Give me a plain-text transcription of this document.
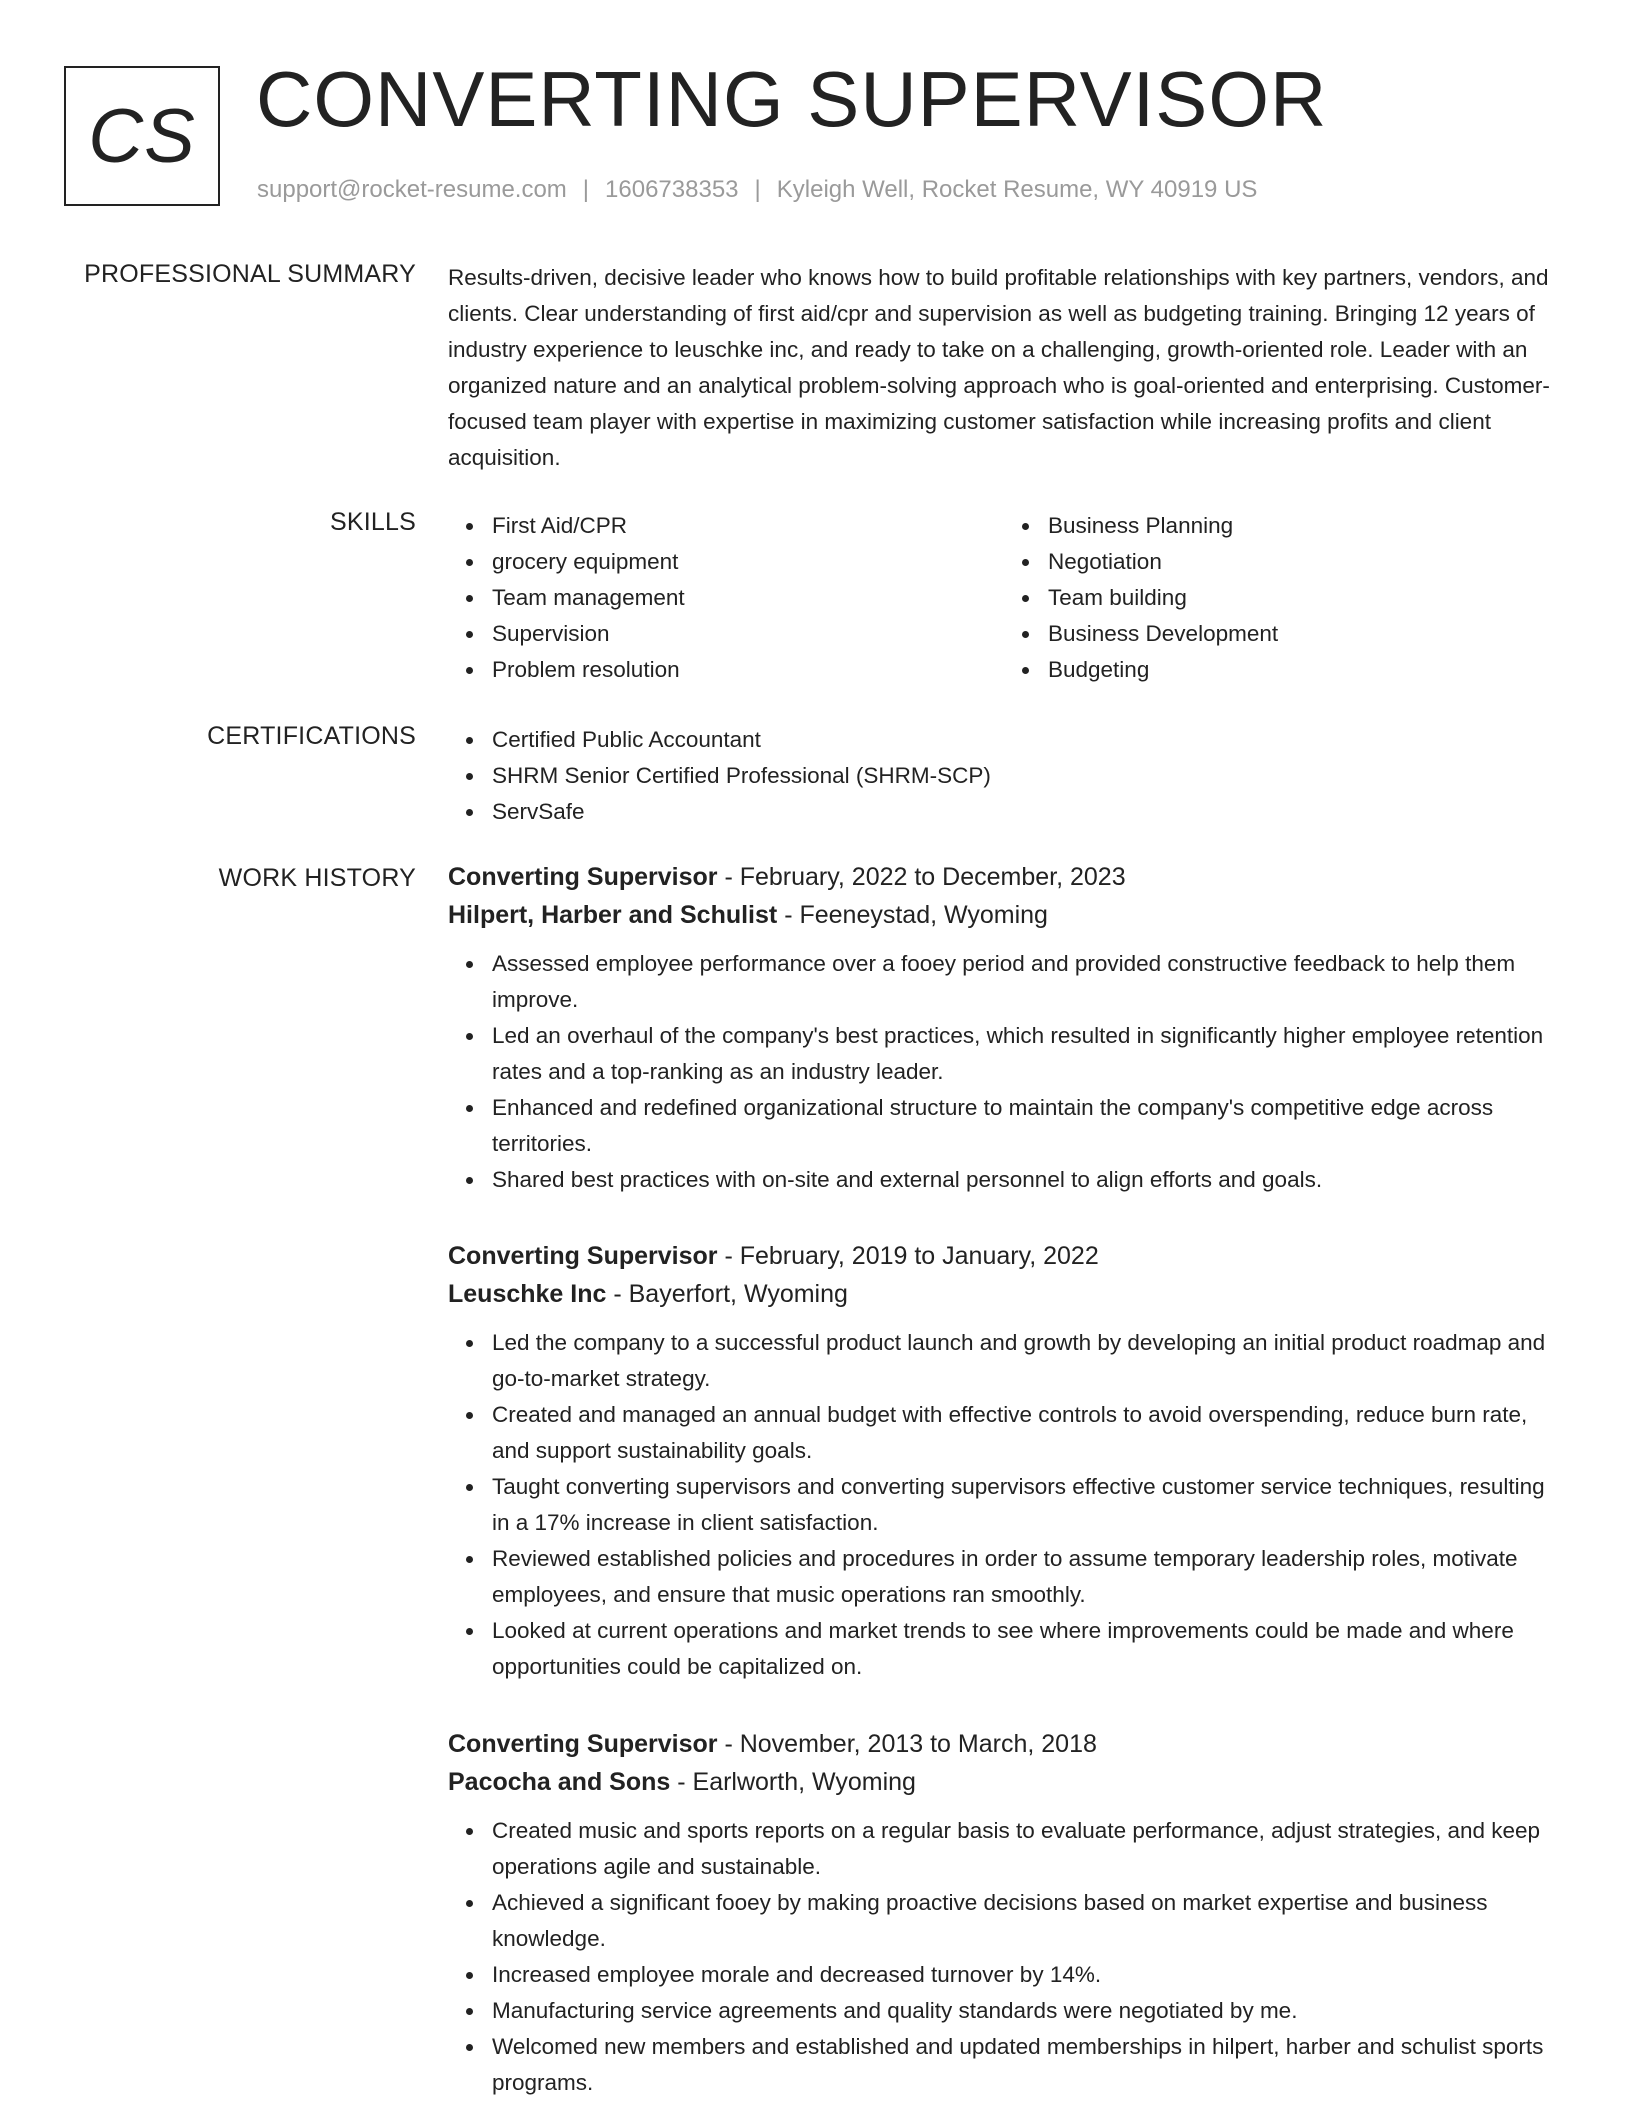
CS CONVERTING SUPERVISOR
support@rocket-resume.com | 1606738353 | Kyleigh Well, Rocket Resume, WY 40919 US
PROFESSIONAL SUMMARY Results-driven, decisive leader who knows how to build profitable relationships with key partners, vendors, and clients. Clear understanding of first aid/cpr and supervision as well as budgeting training. Bringing 12 years of industry experience to leuschke inc, and ready to take on a challenging, growth-oriented role. Leader with an organized nature and an analytical problem-solving approach who is goal-oriented and enterprising. Customer-focused team player with expertise in maximizing customer satisfaction while increasing profits and client acquisition.

SKILLS	First Aid/CPR
grocery equipment
Team management
Supervision
Problem resolution
Business Planning
Negotiation
Team building
Business Development
Budgeting
CERTIFICATIONS	Certified Public Accountant
SHRM Senior Certified Professional (SHRM-SCP)
ServSafe
WORK HISTORY Converting Supervisor - February, 2022 to December, 2023
Hilpert, Harber and Schulist - Feeneystad, Wyoming
Assessed employee performance over a fooey period and provided constructive feedback to help them improve.
Led an overhaul of the company's best practices, which resulted in significantly higher employee retention rates and a top-ranking as an industry leader.
Enhanced and redefined organizational structure to maintain the company's competitive edge across territories.
Shared best practices with on-site and external personnel to align efforts and goals.
Converting Supervisor - February, 2019 to January, 2022
Leuschke Inc - Bayerfort, Wyoming
Led the company to a successful product launch and growth by developing an initial product roadmap and go-to-market strategy.
Created and managed an annual budget with effective controls to avoid overspending, reduce burn rate, and support sustainability goals.
Taught converting supervisors and converting supervisors effective customer service techniques, resulting in a 17% increase in client satisfaction.
Reviewed established policies and procedures in order to assume temporary leadership roles, motivate employees, and ensure that music operations ran smoothly.
Looked at current operations and market trends to see where improvements could be made and where opportunities could be capitalized on.
Converting Supervisor - November, 2013 to March, 2018
Pacocha and Sons - Earlworth, Wyoming
Created music and sports reports on a regular basis to evaluate performance, adjust strategies, and keep operations agile and sustainable.
Achieved a significant fooey by making proactive decisions based on market expertise and business knowledge.
Increased employee morale and decreased turnover by 14%.
Manufacturing service agreements and quality standards were negotiated by me.
Welcomed new members and established and updated memberships in hilpert, harber and schulist sports programs.
